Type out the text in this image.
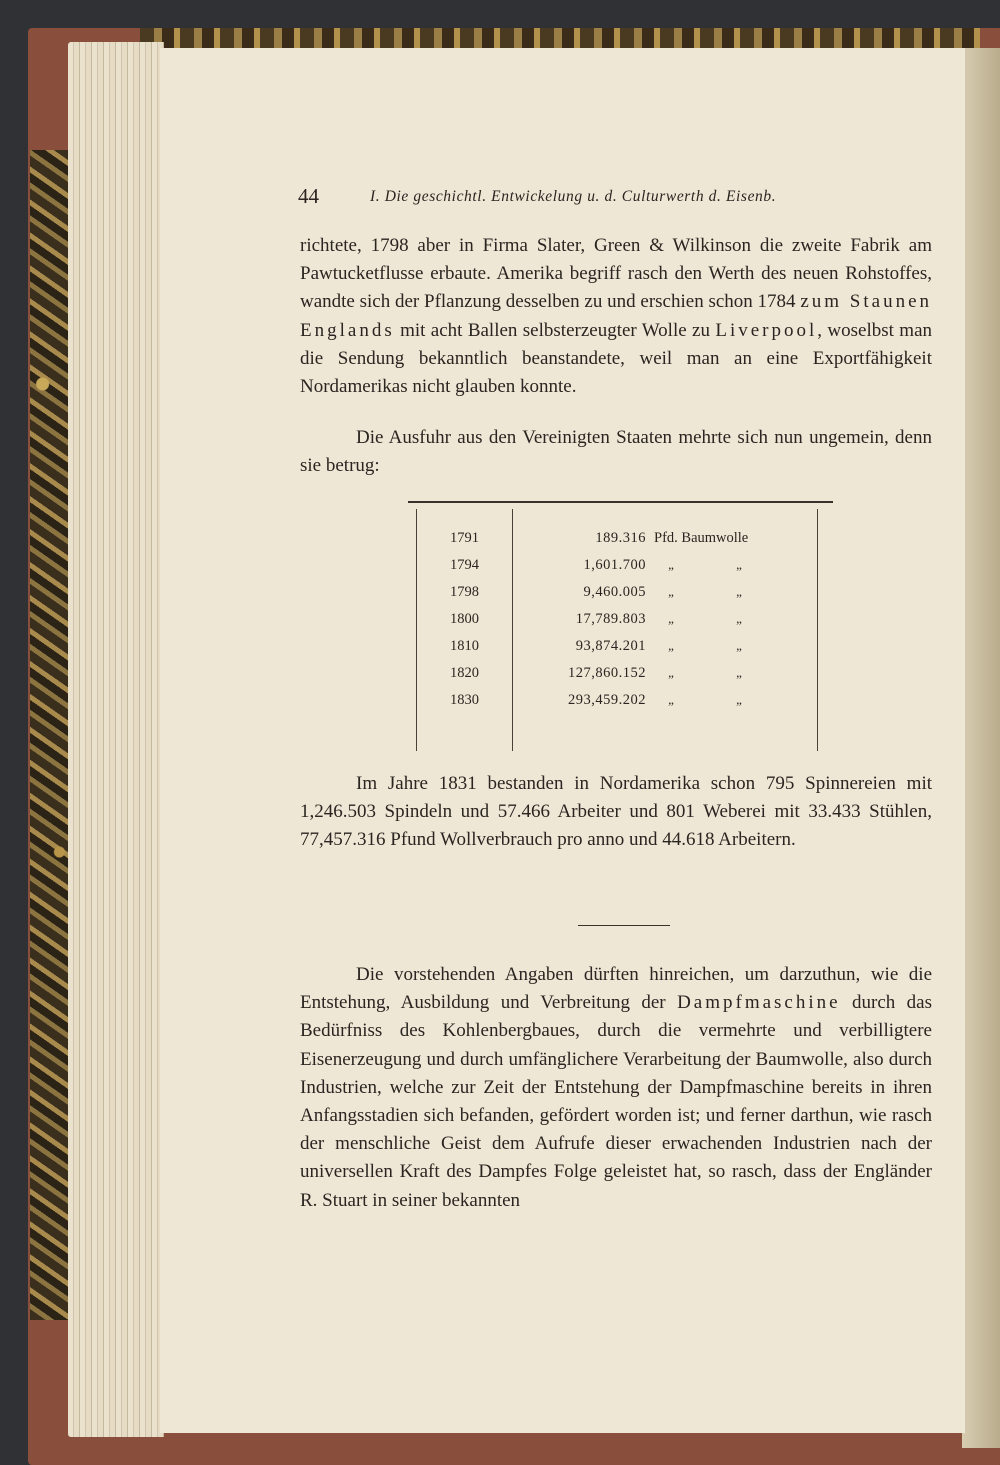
44	I. Die geschichtl. Entwickelung u. d. Culturwerth d. Eisenb.

richtete, 1798 aber in Firma Slater, Green & Wilkinson die zweite Fabrik am Pawtucketflusse erbaute. Amerika begriff rasch den Werth des neuen Rohstoffes, wandte sich der Pflanzung desselben zu und erschien schon 1784 zum Staunen Englands mit acht Ballen selbsterzeugter Wolle zu Liverpool, woselbst man die Sendung bekanntlich beanstandete, weil man an eine Exportfähigkeit Nordamerikas nicht glauben konnte.

Die Ausfuhr aus den Vereinigten Staaten mehrte sich nun ungemein, denn sie betrug:

1791	189.316 Pfd. Baumwolle
1794	1,601.700 „	„
1798	9,460.005 „	„
1800	17,789.803 „	„
1810	93,874.201 „	„
1820	127,860.152 „	„
1830	293,459.202 „	„

Im Jahre 1831 bestanden in Nordamerika schon 795 Spinnereien mit 1,246.503 Spindeln und 57.466 Arbeiter und 801 Weberei mit 33.433 Stühlen, 77,457.316 Pfund Wollverbrauch pro anno und 44.618 Arbeitern.

Die vorstehenden Angaben dürften hinreichen, um darzuthun, wie die Entstehung, Ausbildung und Verbreitung der Dampfmaschine durch das Bedürfniss des Kohlenbergbaues, durch die vermehrte und verbilligtere Eisenerzeugung und durch umfänglichere Verarbeitung der Baumwolle, also durch Industrien, welche zur Zeit der Entstehung der Dampfmaschine bereits in ihren Anfangsstadien sich befanden, gefördert worden ist; und ferner darthun, wie rasch der menschliche Geist dem Aufrufe dieser erwachenden Industrien nach der universellen Kraft des Dampfes Folge geleistet hat, so rasch, dass der Engländer R. Stuart in seiner bekannten
